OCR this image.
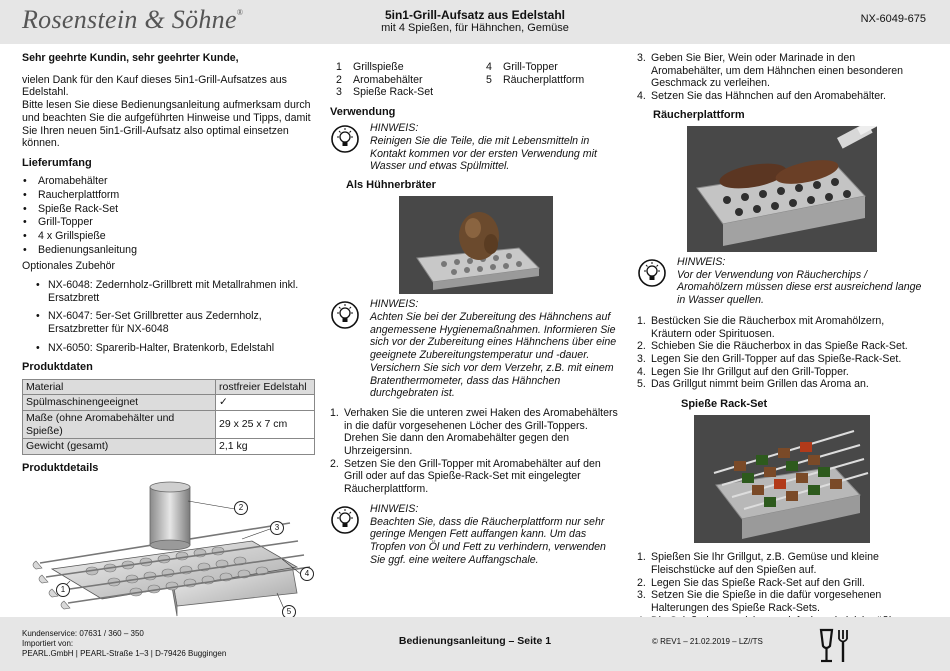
Rosenstein & Söhne®	5in1-Grill-Aufsatz aus Edelstahl
mit 4 Spießen, für Hähnchen, Gemüse
NX-6049-675

Sehr geehrte Kundin, sehr geehrter Kunde,

vielen Dank für den Kauf dieses 5in1-Grill-Aufsatzes aus Edelstahl.

Bitte lesen Sie diese Bedienungsanleitung aufmerksam durch und beachten Sie die aufgeführten Hinweise und Tipps, damit Sie Ihren neuen 5in1-Grill-Aufsatz also optimal einsetzen können.

Lieferumfang
• Aromabehälter
• Raucherplattform
• Spieße Rack-Set
• Grill-Topper
• 4 x Grillspieße
• Bedienungsanleitung

Optionales Zubehör

• NX-6048: Zedernholz-Grillbrett mit Metallrahmen inkl. Ersatzbrett
• NX-6047: 5er-Set Grillbretter aus Zedernholz, Ersatzbretter für NX-6048
• NX-6050: Sparerib-Halter, Bratenkorb, Edelstahl
Produktdaten
Material	rostfreier Edelstahl
Spülmaschinengeeignet	✓
Maße (ohne Aromabehälter und Spieße)	29 x 25 x 7 cm
Gewicht (gesamt)	2,1 kg
Produktdetails
1
2
3
4
5
1	Grillspieße	4	Grill-Topper
2	Aromabehälter	5	Räucherplattform
3	Spieße Rack-Set
Verwendung

HINWEIS:

Reinigen Sie die Teile, die mit Lebensmitteln in Kontakt kommen vor der ersten Verwendung mit Wasser und etwas Spülmittel.

Als Hühnerbräter

HINWEIS:

Achten Sie bei der Zubereitung des Hähnchens auf angemessene Hygienemaßnahmen. Informieren Sie sich vor der Zubereitung eines Hähnchens über eine geeignete Zubereitungstemperatur und -dauer. Versichern Sie sich vor dem Verzehr, z.B. mit einem Bratenthermometer, dass das Hähnchen durchgebraten ist.

1. Verhaken Sie die unteren zwei Haken des Aromabehälters in die dafür vorgesehenen Löcher des Grill-Toppers. Drehen Sie dann den Aromabehälter gegen den Uhrzeigersinn.
2. Setzen Sie den Grill-Topper mit Aromabehälter auf den Grill oder auf das Spieße-Rack-Set mit eingelegter Räucherplattform.

HINWEIS:

Beachten Sie, dass die Räucherplattform nur sehr geringe Mengen Fett auffangen kann. Um das Tropfen von Öl und Fett zu verhindern, verwenden Sie ggf. eine weitere Auffangschale.

3. Geben Sie Bier, Wein oder Marinade in den Aromabehälter, um dem Hähnchen einen besonderen Geschmack zu verleihen.
4. Setzen Sie das Hähnchen auf den Aromabehälter.
Räucherplattform

HINWEIS:

Vor der Verwendung von Räucherchips / Aromahölzern müssen diese erst ausreichend lange in Wasser quellen.

1. Bestücken Sie die Räucherbox mit Aromahölzern, Kräutern oder Spirituosen.
2. Schieben Sie die Räucherbox in das Spieße Rack-Set.
3. Legen Sie den Grill-Topper auf das Spieße-Rack-Set.
4. Legen Sie Ihr Grillgut auf den Grill-Topper.
5. Das Grillgut nimmt beim Grillen das Aroma an.
Spieße Rack-Set
1. Spießen Sie Ihr Grillgut, z.B. Gemüse und kleine Fleischstücke auf den Spießen auf.
2. Legen Sie das Spieße Rack-Set auf den Grill.
3. Setzen Sie die Spieße in die dafür vorgesehenen Halterungen des Spieße Rack-Sets.
Kundenservice: 07631 / 360 – 350
Importiert von:
PEARL.GmbH | PEARL-Straße 1–3 | D-79426 Buggingen
Bedienungsanleitung – Seite 1	© REV1 – 21.02.2019 – LZ//TS
